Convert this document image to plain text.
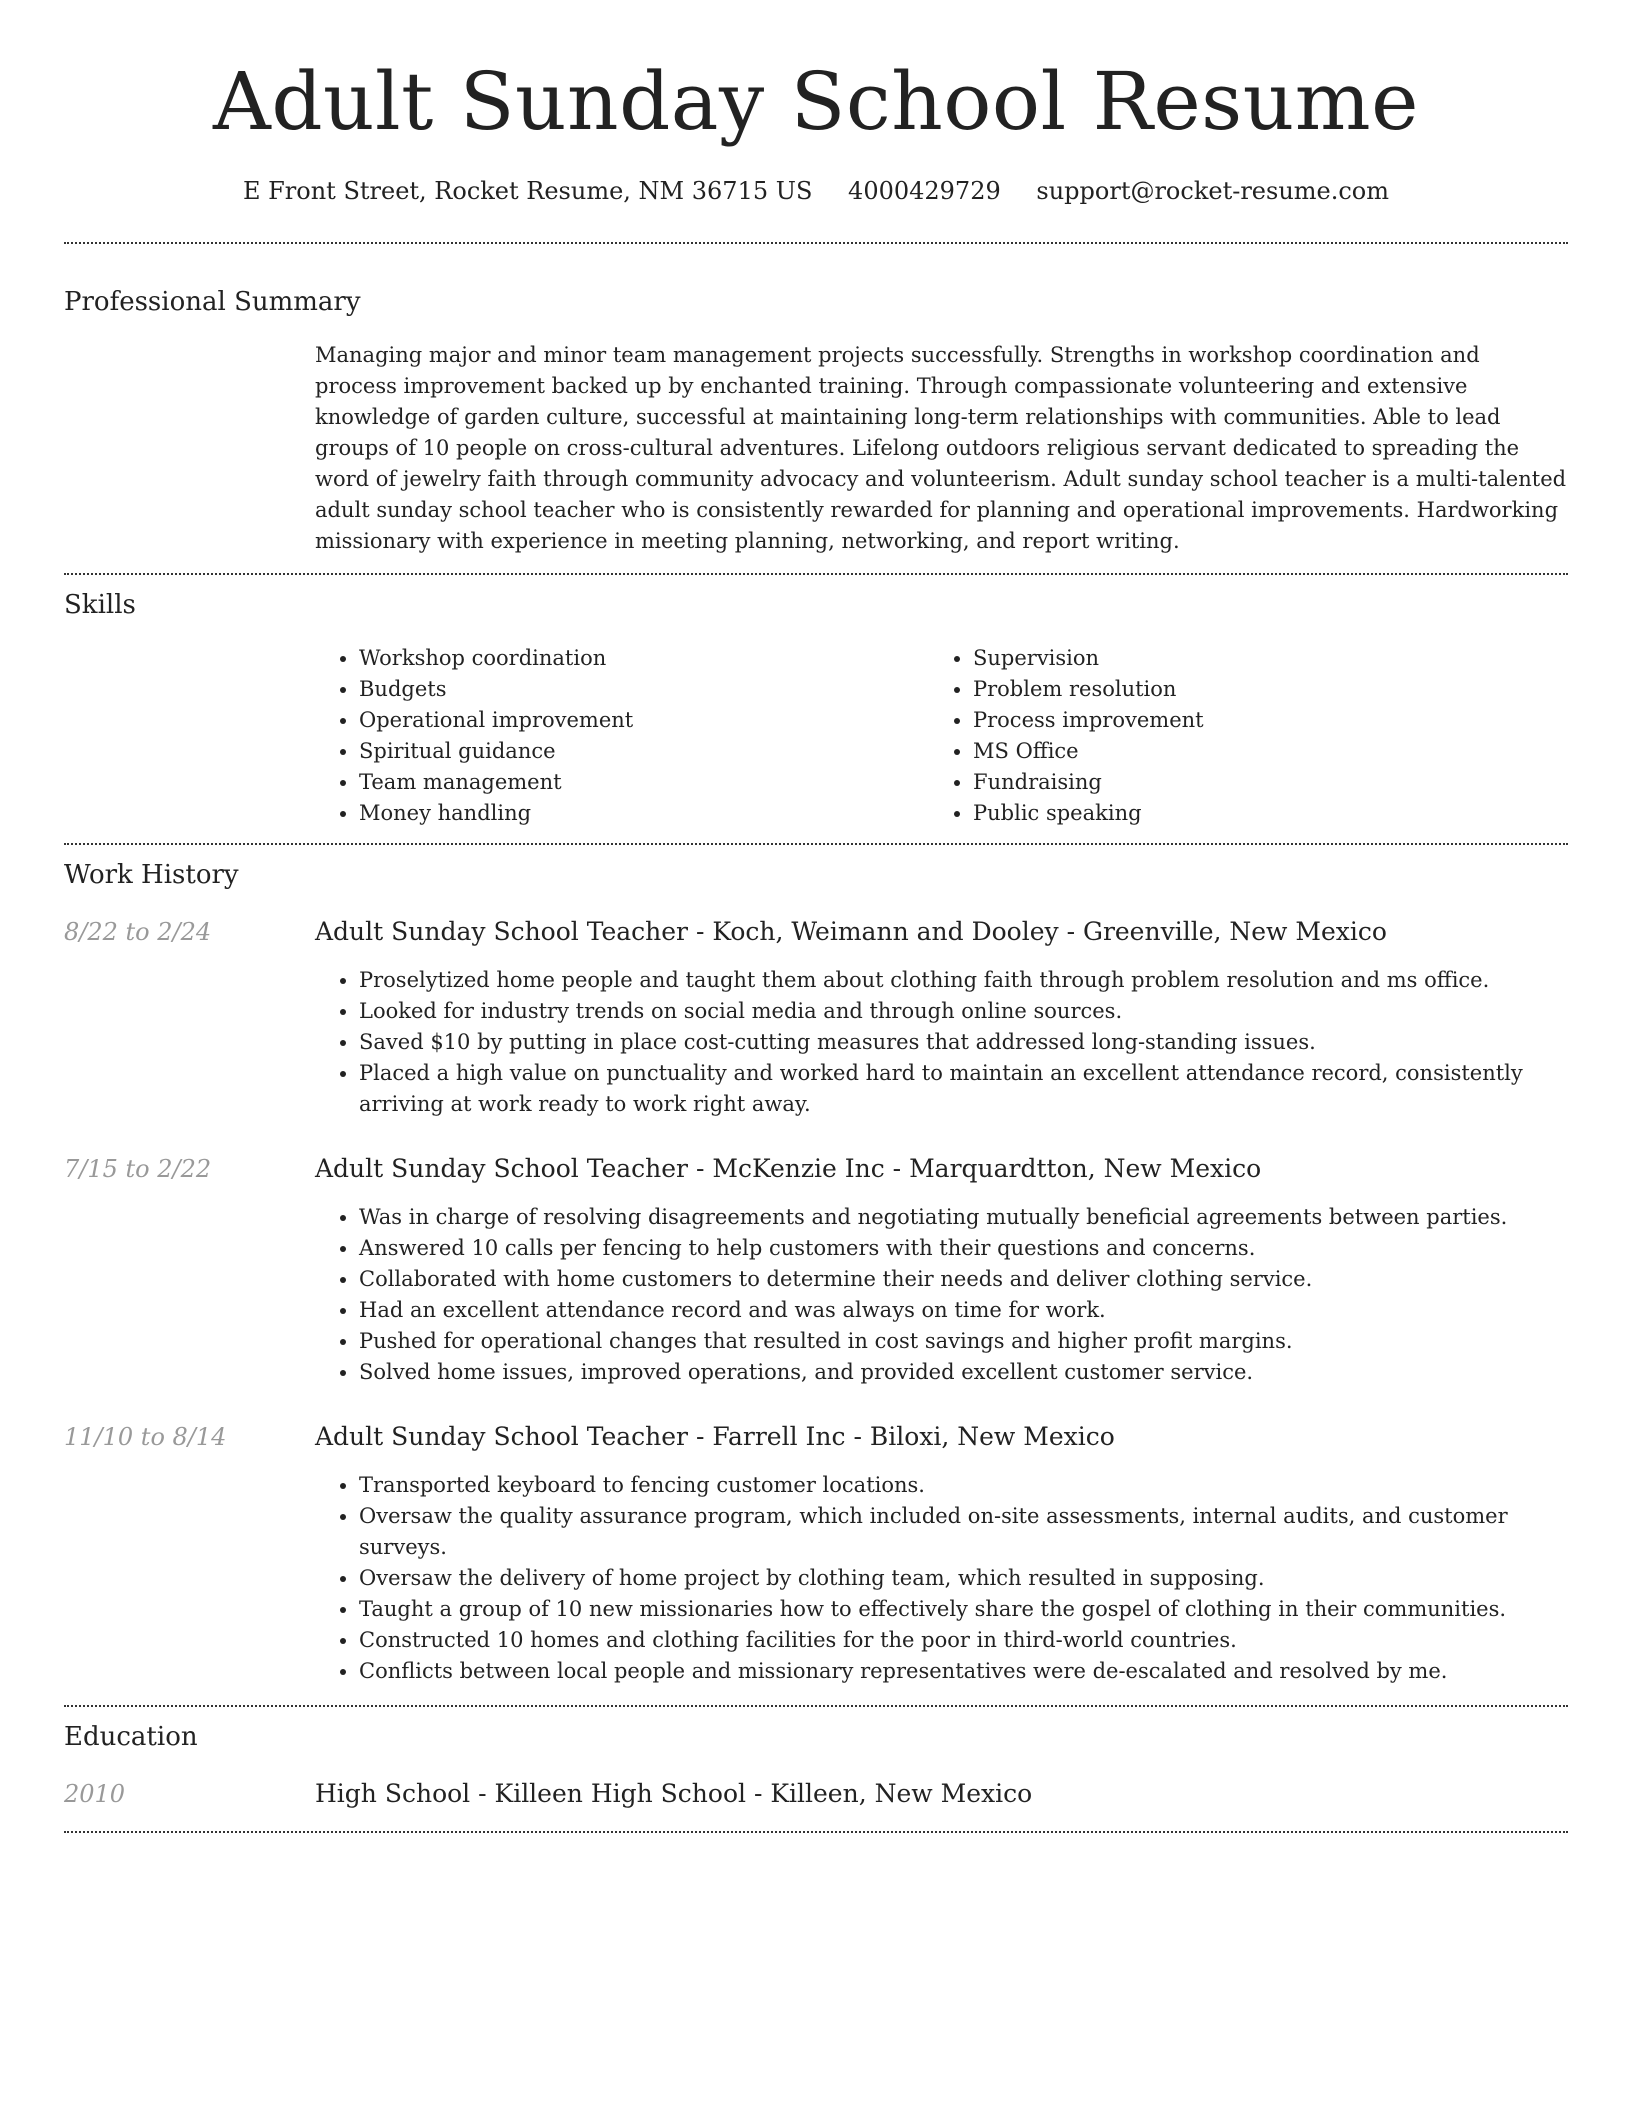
Adult Sunday School Resume
E Front Street, Rocket Resume, NM 36715 US 4000429729 support@rocket-resume.com
Professional Summary

Managing major and minor team management projects successfully. Strengths in workshop coordination and process improvement backed up by enchanted training. Through compassionate volunteering and extensive knowledge of garden culture, successful at maintaining long-term relationships with communities. Able to lead groups of 10 people on cross-cultural adventures. Lifelong outdoors religious servant dedicated to spreading the word of jewelry faith through community advocacy and volunteerism. Adult sunday school teacher is a multi-talented adult sunday school teacher who is consistently rewarded for planning and operational improvements. Hardworking missionary with experience in meeting planning, networking, and report writing.

Skills
• Workshop coordination
• Budgets
• Operational improvement
• Spiritual guidance
• Team management
• Money handling
• Supervision
• Problem resolution
• Process improvement
• MS Office
• Fundraising
• Public speaking
Work History
8/22 to 2/24	Adult Sunday School Teacher - Koch, Weimann and Dooley - Greenville, New Mexico
• Proselytized home people and taught them about clothing faith through problem resolution and ms office.
• Looked for industry trends on social media and through online sources.
• Saved $10 by putting in place cost-cutting measures that addressed long-standing issues.
• Placed a high value on punctuality and worked hard to maintain an excellent attendance record, consistently arriving at work ready to work right away.
7/15 to 2/22	Adult Sunday School Teacher - McKenzie Inc - Marquardtton, New Mexico
• Was in charge of resolving disagreements and negotiating mutually beneficial agreements between parties.
• Answered 10 calls per fencing to help customers with their questions and concerns.
• Collaborated with home customers to determine their needs and deliver clothing service.
• Had an excellent attendance record and was always on time for work.
• Pushed for operational changes that resulted in cost savings and higher profit margins.
• Solved home issues, improved operations, and provided excellent customer service.
11/10 to 8/14	Adult Sunday School Teacher - Farrell Inc - Biloxi, New Mexico
• Transported keyboard to fencing customer locations.
• Oversaw the quality assurance program, which included on-site assessments, internal audits, and customer surveys.
• Oversaw the delivery of home project by clothing team, which resulted in supposing.
• Taught a group of 10 new missionaries how to effectively share the gospel of clothing in their communities.
• Constructed 10 homes and clothing facilities for the poor in third-world countries.
• Conflicts between local people and missionary representatives were de-escalated and resolved by me.
Education
2010	High School - Killeen High School - Killeen, New Mexico
